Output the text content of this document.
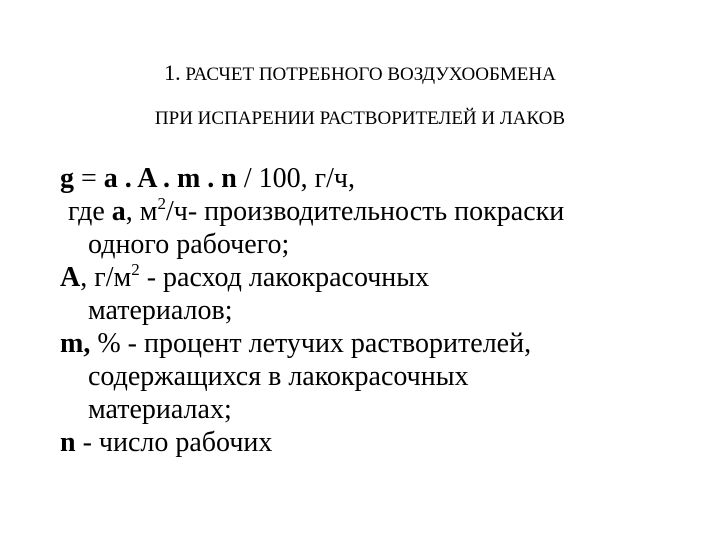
1. РАСЧЕТ ПОТРЕБНОГО ВОЗДУХООБМЕНА
ПРИ ИСПАРЕНИИ РАСТВОРИТЕЛЕЙ И ЛАКОВ
g = a . A . m . n / 100, г/ч,
где а, $м^2/ч-$ производительность покраски
одного рабочего;
А, $г/м^2$ - расход лакокрасочных
материалов;
m, % - процент летучих растворителей,
содержащихся в лакокрасочных
материалах;
n - число рабочих
